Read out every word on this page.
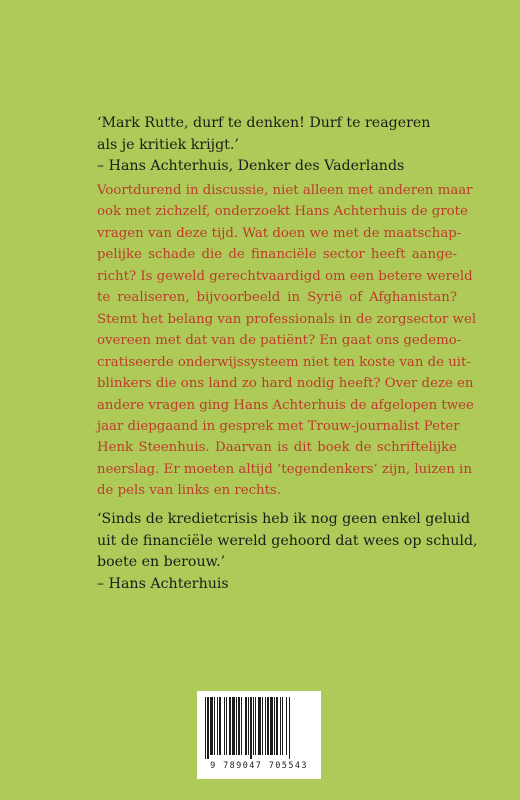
‘Mark Rutte, durf te denken! Durf te reageren
als je kritiek krijgt.’
– Hans Achterhuis, Denker des Vaderlands
Voortdurend in discussie, niet alleen met anderen maar
ook met zichzelf, onderzoekt Hans Achterhuis de grote
vragen van deze tijd. Wat doen we met de maatschap-
pelijke schade die de financiële sector heeft aange-
richt? Is geweld gerechtvaardigd om een betere wereld
te realiseren, bijvoorbeeld in Syrië of Afghanistan?
Stemt het belang van professionals in de zorgsector wel
overeen met dat van de patiënt? En gaat ons gedemo-
cratiseerde onderwijssysteem niet ten koste van de uit-
blinkers die ons land zo hard nodig heeft? Over deze en
andere vragen ging Hans Achterhuis de afgelopen twee
jaar diepgaand in gesprek met Trouw-journalist Peter
Henk Steenhuis. Daarvan is dit boek de schriftelijke
neerslag. Er moeten altijd ‘tegendenkers’ zijn, luizen in
de pels van links en rechts.
‘Sinds de kredietcrisis heb ik nog geen enkel geluid
uit de financiële wereld gehoord dat wees op schuld,
boete en berouw.’
– Hans Achterhuis
9 789047 705543
